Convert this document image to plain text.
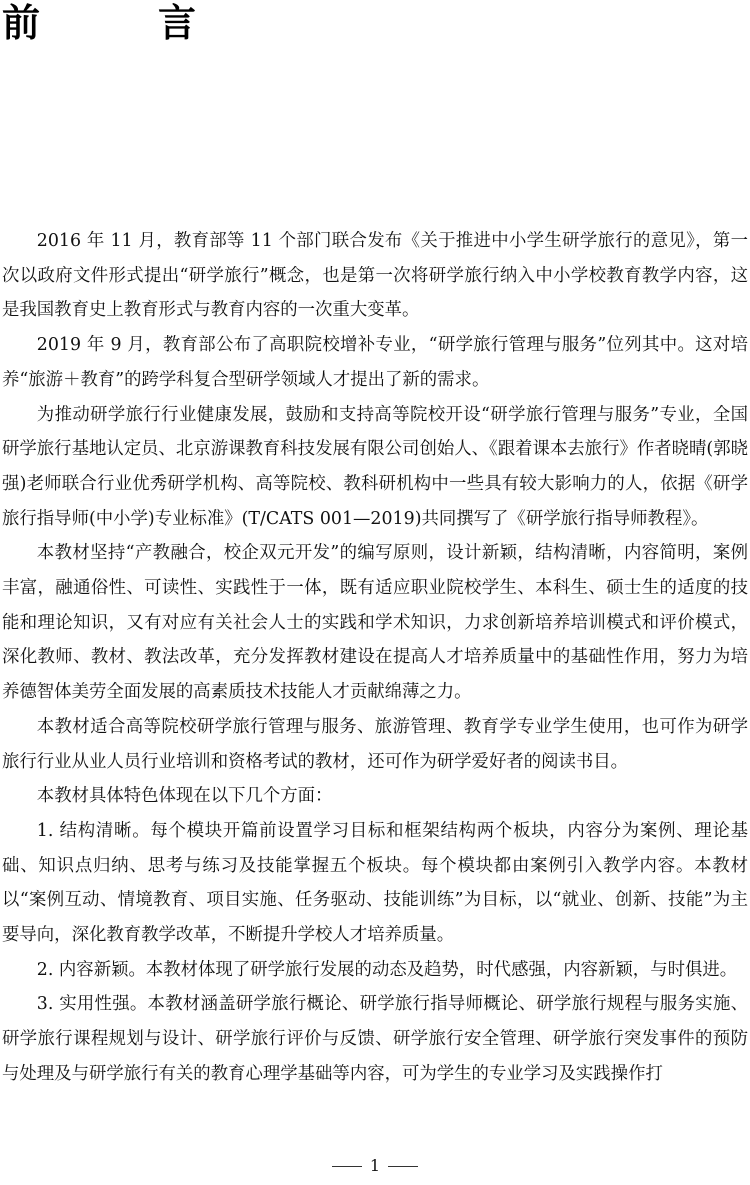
前　言

2016 年 11 月，教育部等 11 个部门联合发布《关于推进中小学生研学旅行的意见》，第一次以政府文件形式提出“研学旅行”概念，也是第一次将研学旅行纳入中小学校教育教学内容，这是我国教育史上教育形式与教育内容的一次重大变革。

2019 年 9 月，教育部公布了高职院校增补专业，“研学旅行管理与服务”位列其中。这对培养“旅游＋教育”的跨学科复合型研学领域人才提出了新的需求。

为推动研学旅行行业健康发展，鼓励和支持高等院校开设“研学旅行管理与服务”专业，全国研学旅行基地认定员、北京游课教育科技发展有限公司创始人、《跟着课本去旅行》作者晓晴(郭晓强)老师联合行业优秀研学机构、高等院校、教科研机构中一些具有较大影响力的人，依据《研学旅行指导师(中小学)专业标准》(T/CATS 001—2019)共同撰写了《研学旅行指导师教程》。

本教材坚持“产教融合，校企双元开发”的编写原则，设计新颖，结构清晰，内容简明，案例丰富，融通俗性、可读性、实践性于一体，既有适应职业院校学生、本科生、硕士生的适度的技能和理论知识，又有对应有关社会人士的实践和学术知识，力求创新培养培训模式和评价模式，深化教师、教材、教法改革，充分发挥教材建设在提高人才培养质量中的基础性作用，努力为培养德智体美劳全面发展的高素质技术技能人才贡献绵薄之力。

本教材适合高等院校研学旅行管理与服务、旅游管理、教育学专业学生使用，也可作为研学旅行行业从业人员行业培训和资格考试的教材，还可作为研学爱好者的阅读书目。

本教材具体特色体现在以下几个方面：

1. 结构清晰。每个模块开篇前设置学习目标和框架结构两个板块，内容分为案例、理论基础、知识点归纳、思考与练习及技能掌握五个板块。每个模块都由案例引入教学内容。本教材以“案例互动、情境教育、项目实施、任务驱动、技能训练”为目标，以“就业、创新、技能”为主要导向，深化教育教学改革，不断提升学校人才培养质量。

2. 内容新颖。本教材体现了研学旅行发展的动态及趋势，时代感强，内容新颖，与时俱进。

3. 实用性强。本教材涵盖研学旅行概论、研学旅行指导师概论、研学旅行规程与服务实施、研学旅行课程规划与设计、研学旅行评价与反馈、研学旅行安全管理、研学旅行突发事件的预防与处理及与研学旅行有关的教育心理学基础等内容，可为学生的专业学习及实践操作打

1
